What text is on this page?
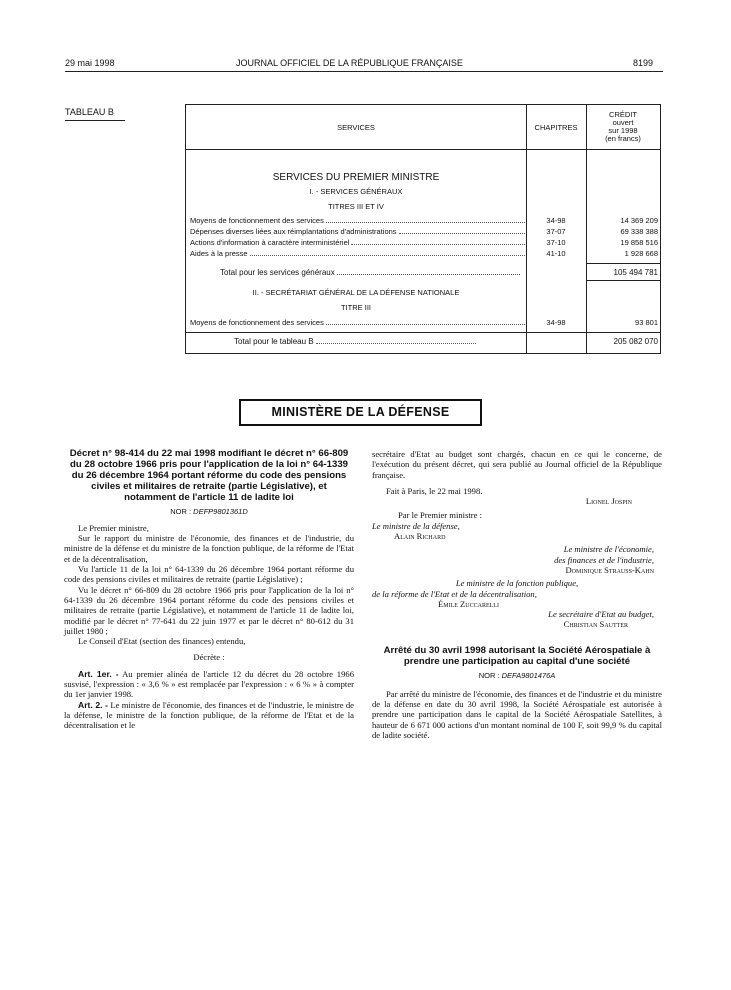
29 mai 1998	JOURNAL OFFICIEL DE LA RÉPUBLIQUE FRANÇAISE	8199
TABLEAU B
SERVICES	CHAPITRES
CRÉDIT
ouvert
sur 1998
(en francs)
SERVICES DU PREMIER MINISTRE
I. - SERVICES GÉNÉRAUX
TITRES III ET IV
Moyens de fonctionnement des services	34-98	14 369 209
Dépenses diverses liées aux réimplantations d'administrations	37-07	69 338 388
Actions d'information à caractère interministériel	37-10	19 858 516
Aides à la presse	41-10	1 928 668
Total pour les services généraux	105 494 781
II. - SECRÉTARIAT GÉNÉRAL DE LA DÉFENSE NATIONALE
TITRE III
Moyens de fonctionnement des services	34-98	93 801
Total pour le tableau B	205 082 070
MINISTÈRE DE LA DÉFENSE
Décret n° 98-414 du 22 mai 1998 modifiant le décret n° 66-809 du 28 octobre 1966 pris pour l'application de la loi n° 64-1339 du 26 décembre 1964 portant réforme du code des pensions civiles et militaires de retraite (partie Législative), et notamment de l'article 11 de ladite loi
NOR : DEFP9801361D

Le Premier ministre,

Sur le rapport du ministre de l'économie, des finances et de l'industrie, du ministre de la défense et du ministre de la fonction publique, de la réforme de l'Etat et de la décentralisation,

Vu l'article 11 de la loi n° 64-1339 du 26 décembre 1964 portant réforme du code des pensions civiles et militaires de retraite (partie Législative) ;

Vu le décret n° 66-809 du 28 octobre 1966 pris pour l'application de la loi n° 64-1339 du 26 décembre 1964 portant réforme du code des pensions civiles et militaires de retraite (partie Législative), et notamment de l'article 11 de ladite loi, modifié par le décret n° 77-641 du 22 juin 1977 et par le décret n° 80-612 du 31 juillet 1980 ;

Le Conseil d'Etat (section des finances) entendu,

Décrète :

Art. 1er. - Au premier alinéa de l'article 12 du décret du 28 octobre 1966 susvisé, l'expression : « 3,6 % » est remplacée par l'expression : « 6 % » à compter du 1er janvier 1998.

Art. 2. - Le ministre de l'économie, des finances et de l'industrie, le ministre de la défense, le ministre de la fonction publique, de la réforme de l'Etat et de la décentralisation et le

secrétaire d'Etat au budget sont chargés, chacun en ce qui le concerne, de l'exécution du présent décret, qui sera publié au Journal officiel de la République française.

Fait à Paris, le 22 mai 1998.

Lionel Jospin

Par le Premier ministre :

Le ministre de la défense,

Alain Richard

Le ministre de l'économie,

des finances et de l'industrie,

Dominique Strauss-Kahn

Le ministre de la fonction publique,

de la réforme de l'Etat et de la décentralisation,

Émile Zuccarelli

Le secrétaire d'Etat au budget,

Christian Sautter

Arrêté du 30 avril 1998 autorisant la Société Aérospatiale à prendre une participation au capital d'une société
NOR : DEFA9801476A

Par arrêté du ministre de l'économie, des finances et de l'industrie et du ministre de la défense en date du 30 avril 1998, la Société Aérospatiale est autorisée à prendre une participation dans le capital de la Société Aérospatiale Satellites, à hauteur de 6 671 000 actions d'un montant nominal de 100 F, soit 99,9 % du capital de ladite société.
